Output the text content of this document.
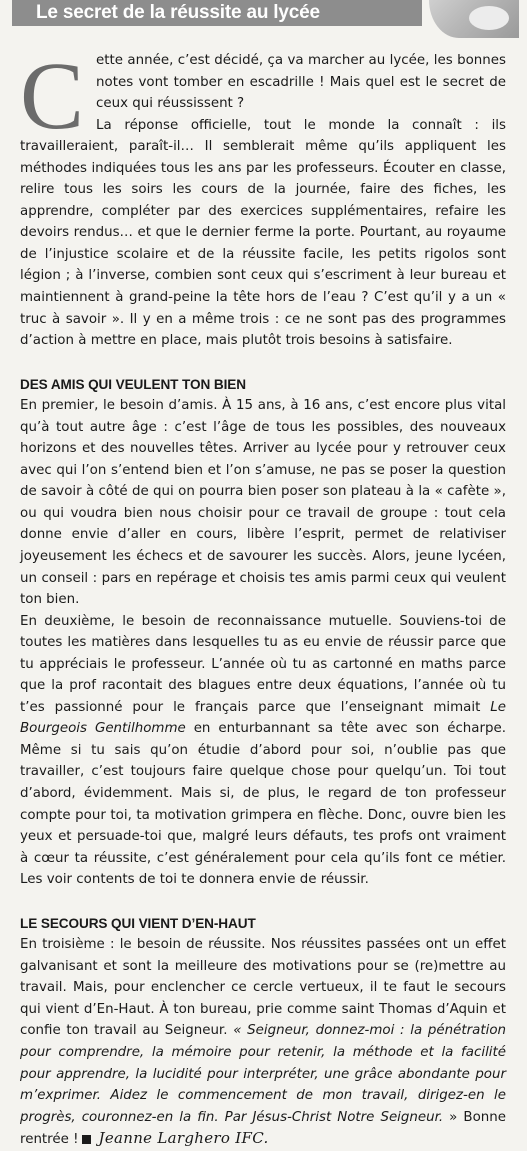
Le secret de la réussite au lycée

Cette année, c’est décidé, ça va marcher au lycée, les bonnes notes vont tomber en escadrille ! Mais quel est le secret de ceux qui réussissent ?
La réponse officielle, tout le monde la connaît : ils travailleraient, paraît-il… Il semblerait même qu’ils appliquent les méthodes indiquées tous les ans par les professeurs. Écouter en classe, relire tous les soirs les cours de la journée, faire des fiches, les apprendre, compléter par des exercices supplémentaires, refaire les devoirs rendus… et que le dernier ferme la porte. Pourtant, au royaume de l’injustice scolaire et de la réussite facile, les petits rigolos sont légion ; à l’inverse, combien sont ceux qui s’escriment à leur bureau et maintiennent à grand-peine la tête hors de l’eau ? C’est qu’il y a un « truc à savoir ». Il y en a même trois : ce ne sont pas des programmes d’action à mettre en place, mais plutôt trois besoins à satisfaire.

DES AMIS QUI VEULENT TON BIEN

En premier, le besoin d’amis. À 15 ans, à 16 ans, c’est encore plus vital qu’à tout autre âge : c’est l’âge de tous les possibles, des nouveaux horizons et des nouvelles têtes. Arriver au lycée pour y retrouver ceux avec qui l’on s’entend bien et l’on s’amuse, ne pas se poser la question de savoir à côté de qui on pourra bien poser son plateau à la « cafète », ou qui voudra bien nous choisir pour ce travail de groupe : tout cela donne envie d’aller en cours, libère l’esprit, permet de relativiser joyeusement les échecs et de savourer les succès. Alors, jeune lycéen, un conseil : pars en repérage et choisis tes amis parmi ceux qui veulent ton bien.

En deuxième, le besoin de reconnaissance mutuelle. Souviens-toi de toutes les matières dans lesquelles tu as eu envie de réussir parce que tu appréciais le professeur. L’année où tu as cartonné en maths parce que la prof racontait des blagues entre deux équations, l’année où tu t’es passionné pour le français parce que l’enseignant mimait Le Bourgeois Gentilhomme en enturbannant sa tête avec son écharpe. Même si tu sais qu’on étudie d’abord pour soi, n’oublie pas que travailler, c’est toujours faire quelque chose pour quelqu’un. Toi tout d’abord, évidemment. Mais si, de plus, le regard de ton professeur compte pour toi, ta motivation grimpera en flèche. Donc, ouvre bien les yeux et persuade-toi que, malgré leurs défauts, tes profs ont vraiment à cœur ta réussite, c’est généralement pour cela qu’ils font ce métier. Les voir contents de toi te donnera envie de réussir.

LE SECOURS QUI VIENT D’EN-HAUT

En troisième : le besoin de réussite. Nos réussites passées ont un effet galvanisant et sont la meilleure des motivations pour se (re)mettre au travail. Mais, pour enclencher ce cercle vertueux, il te faut le secours qui vient d’En-Haut. À ton bureau, prie comme saint Thomas d’Aquin et confie ton travail au Seigneur. « Seigneur, donnez-moi : la pénétration pour comprendre, la mémoire pour retenir, la méthode et la facilité pour apprendre, la lucidité pour interpréter, une grâce abondante pour m’exprimer. Aidez le commencement de mon travail, dirigez-en le progrès, couronnez-en la fin. Par Jésus-Christ Notre Seigneur. » Bonne rentrée ! Jeanne Larghero IFC.
